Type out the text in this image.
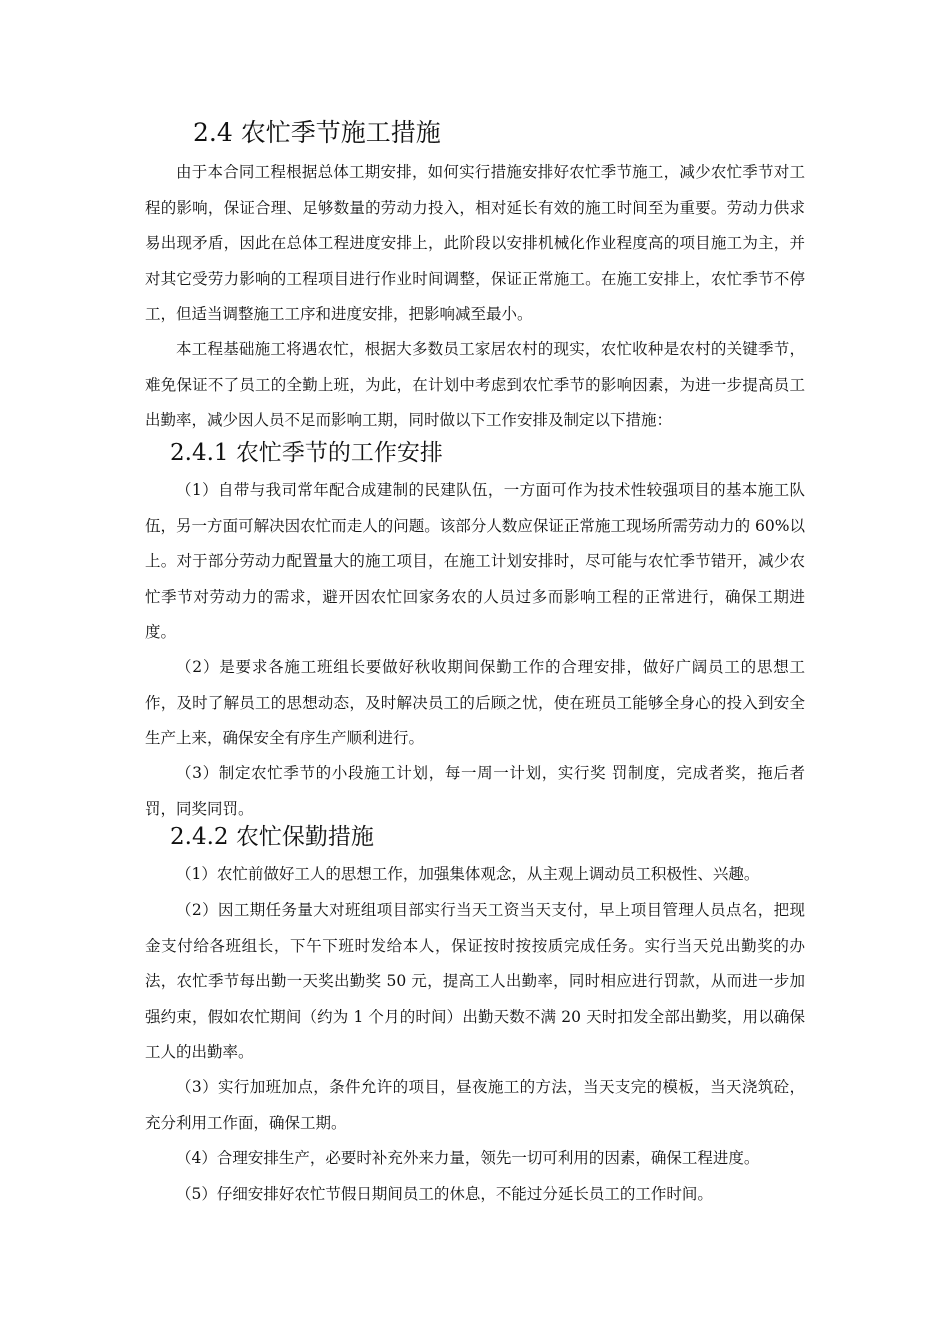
2.4 农忙季节施工措施

由于本合同工程根据总体工期安排，如何实行措施安排好农忙季节施工，减少农忙季节对工程的影响，保证合理、足够数量的劳动力投入，相对延长有效的施工时间至为重要。劳动力供求易出现矛盾，因此在总体工程进度安排上，此阶段以安排机械化作业程度高的项目施工为主，并对其它受劳力影响的工程项目进行作业时间调整，保证正常施工。在施工安排上，农忙季节不停工，但适当调整施工工序和进度安排，把影响减至最小。

本工程基础施工将遇农忙，根据大多数员工家居农村的现实，农忙收种是农村的关键季节，难免保证不了员工的全勤上班，为此，在计划中考虑到农忙季节的影响因素，为进一步提高员工出勤率，减少因人员不足而影响工期，同时做以下工作安排及制定以下措施：

2.4.1 农忙季节的工作安排

（1）自带与我司常年配合成建制的民建队伍，一方面可作为技术性较强项目的基本施工队伍，另一方面可解决因农忙而走人的问题。该部分人数应保证正常施工现场所需劳动力的 60%以上。对于部分劳动力配置量大的施工项目，在施工计划安排时，尽可能与农忙季节错开，减少农忙季节对劳动力的需求，避开因农忙回家务农的人员过多而影响工程的正常进行，确保工期进度。

（2）是要求各施工班组长要做好秋收期间保勤工作的合理安排，做好广阔员工的思想工作，及时了解员工的思想动态，及时解决员工的后顾之忧，使在班员工能够全身心的投入到安全生产上来，确保安全有序生产顺利进行。

（3）制定农忙季节的小段施工计划，每一周一计划，实行奖 罚制度，完成者奖，拖后者罚，同奖同罚。

2.4.2 农忙保勤措施

（1）农忙前做好工人的思想工作，加强集体观念，从主观上调动员工积极性、兴趣。

（2）因工期任务量大对班组项目部实行当天工资当天支付，早上项目管理人员点名，把现金支付给各班组长，下午下班时发给本人，保证按时按按质完成任务。实行当天兑出勤奖的办法，农忙季节每出勤一天奖出勤奖 50 元，提高工人出勤率，同时相应进行罚款，从而进一步加强约束，假如农忙期间（约为 1 个月的时间）出勤天数不满 20 天时扣发全部出勤奖，用以确保工人的出勤率。

（3）实行加班加点，条件允许的项目，昼夜施工的方法，当天支完的模板，当天浇筑砼，充分利用工作面，确保工期。

（4）合理安排生产，必要时补充外来力量，领先一切可利用的因素，确保工程进度。

（5）仔细安排好农忙节假日期间员工的休息，不能过分延长员工的工作时间。
